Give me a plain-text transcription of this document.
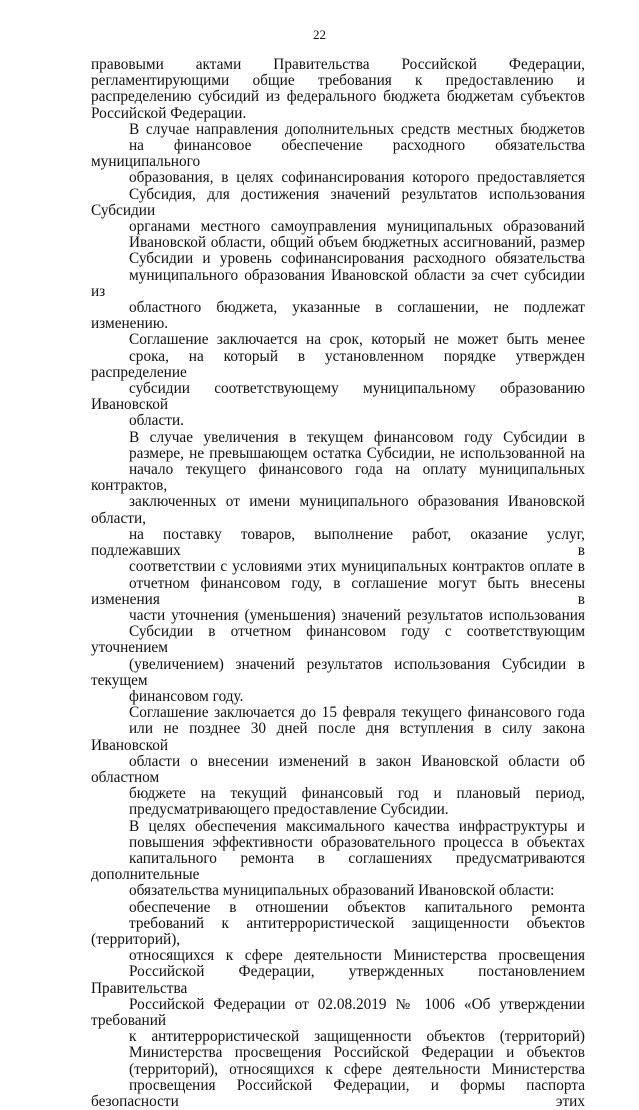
22
правовыми актами Правительства Российской Федерации,
регламентирующими общие требования к предоставлению и
распределению субсидий из федерального бюджета бюджетам субъектов
Российской Федерации.
В случае направления дополнительных средств местных бюджетов
на финансовое обеспечение расходного обязательства муниципального
образования, в целях софинансирования которого предоставляется
Субсидия, для достижения значений результатов использования Субсидии
органами местного самоуправления муниципальных образований
Ивановской области, общий объем бюджетных ассигнований, размер
Субсидии и уровень софинансирования расходного обязательства
муниципального образования Ивановской области за счет субсидии из
областного бюджета, указанные в соглашении, не подлежат изменению.
Соглашение заключается на срок, который не может быть менее
срока, на который в установленном порядке утвержден распределение
субсидии соответствующему муниципальному образованию Ивановской
области.
В случае увеличения в текущем финансовом году Субсидии в
размере, не превышающем остатка Субсидии, не использованной на
начало текущего финансового года на оплату муниципальных контрактов,
заключенных от имени муниципального образования Ивановской области,
на поставку товаров, выполнение работ, оказание услуг, подлежавших в
соответствии с условиями этих муниципальных контрактов оплате в
отчетном финансовом году, в соглашение могут быть внесены изменения в
части уточнения (уменьшения) значений результатов использования
Субсидии в отчетном финансовом году с соответствующим уточнением
(увеличением) значений результатов использования Субсидии в текущем
финансовом году.
Соглашение заключается до 15 февраля текущего финансового года
или не позднее 30 дней после дня вступления в силу закона Ивановской
области о внесении изменений в закон Ивановской области об областном
бюджете на текущий финансовый год и плановый период,
предусматривающего предоставление Субсидии.
В целях обеспечения максимального качества инфраструктуры и
повышения эффективности образовательного процесса в объектах
капитального ремонта в соглашениях предусматриваются дополнительные
обязательства муниципальных образований Ивановской области:
обеспечение в отношении объектов капитального ремонта
требований к антитеррористической защищенности объектов (территорий),
относящихся к сфере деятельности Министерства просвещения
Российской Федерации, утвержденных постановлением Правительства
Российской Федерации от 02.08.2019 № 1006 «Об утверждении требований
к антитеррористической защищенности объектов (территорий)
Министерства просвещения Российской Федерации и объектов
(территорий), относящихся к сфере деятельности Министерства
просвещения Российской Федерации, и формы паспорта безопасности этих
